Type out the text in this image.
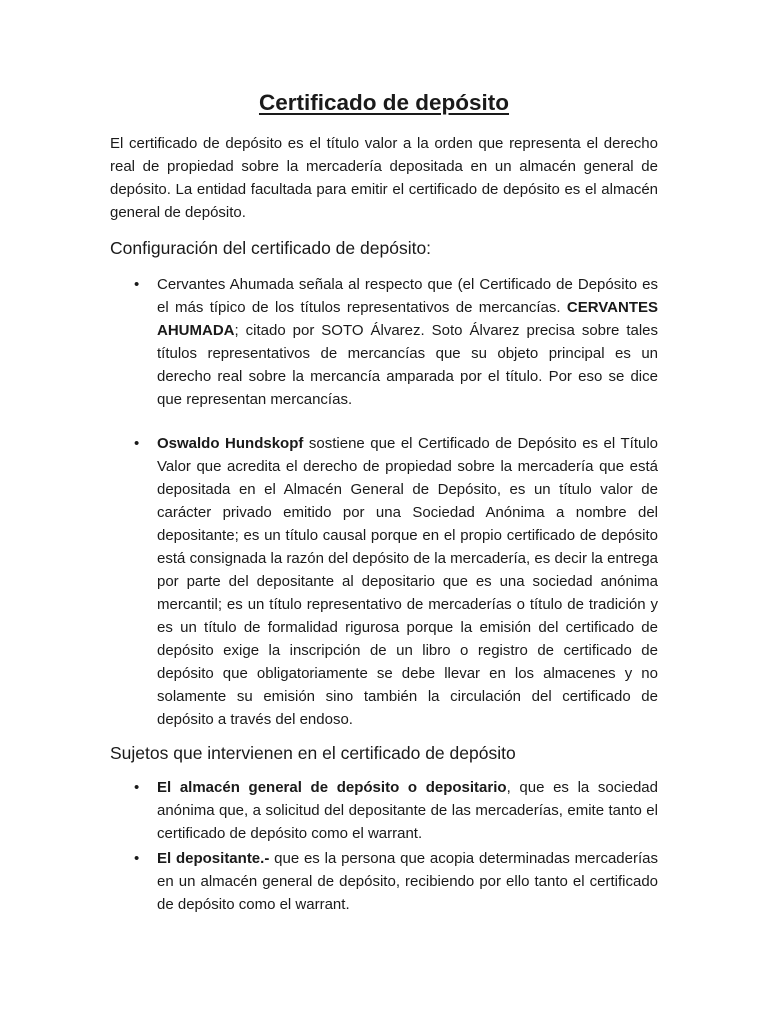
Certificado de depósito

El certificado de depósito es el título valor a la orden que representa el derecho real de propiedad sobre la mercadería depositada en un almacén general de depósito. La entidad facultada para emitir el certificado de depósito es el almacén general de depósito.

Configuración del certificado de depósito:
• Cervantes Ahumada señala al respecto que (el Certificado de Depósito es el más típico de los títulos representativos de mercancías. CERVANTES AHUMADA; citado por SOTO Álvarez. Soto Álvarez precisa sobre tales títulos representativos de mercancías que su objeto principal es un derecho real sobre la mercancía amparada por el título. Por eso se dice que representan mercancías.

• Oswaldo Hundskopf sostiene que el Certificado de Depósito es el Título Valor que acredita el derecho de propiedad sobre la mercadería que está depositada en el Almacén General de Depósito, es un título valor de carácter privado emitido por una Sociedad Anónima a nombre del depositante; es un título causal porque en el propio certificado de depósito está consignada la razón del depósito de la mercadería, es decir la entrega por parte del depositante al depositario que es una sociedad anónima mercantil; es un título representativo de mercaderías o título de tradición y es un título de formalidad rigurosa porque la emisión del certificado de depósito exige la inscripción de un libro o registro de certificado de depósito que obligatoriamente se debe llevar en los almacenes y no solamente su emisión sino también la circulación del certificado de depósito a través del endoso.

Sujetos que intervienen en el certificado de depósito
• El almacén general de depósito o depositario, que es la sociedad anónima que, a solicitud del depositante de las mercaderías, emite tanto el certificado de depósito como el warrant.

• El depositante.- que es la persona que acopia determinadas mercaderías en un almacén general de depósito, recibiendo por ello tanto el certificado de depósito como el warrant.
